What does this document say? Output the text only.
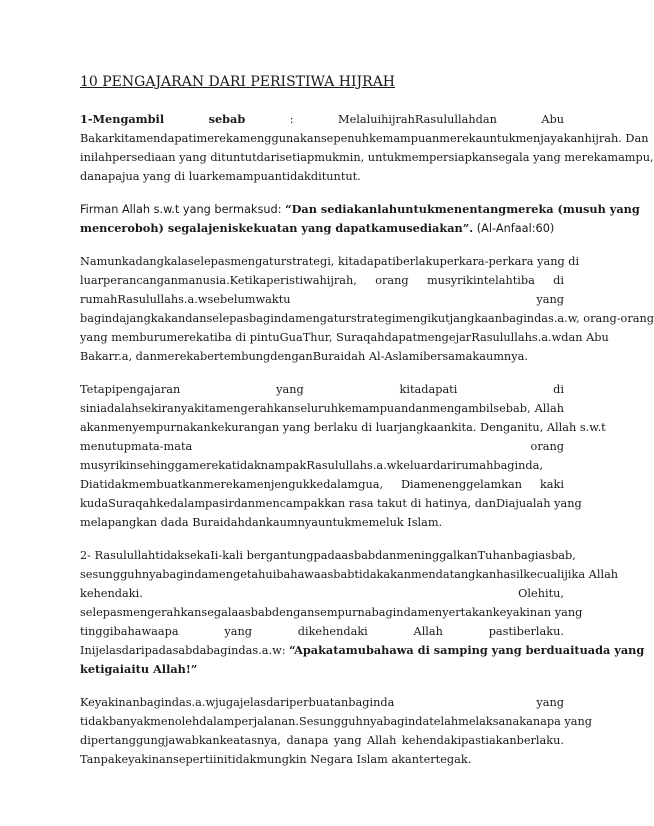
10 PENGAJARAN DARI PERISTIWA HIJRAH
1-Mengambil	sebab	:	MelaluihijrahRasulullahdan	Abu
Bakarkitamendapatimerekamenggunakansepenuhkemampuanmerekauntukmenjayakanhijrah. Dan
inilahpersediaan yang dituntutdarisetiapmukmin, untukmempersiapkansegala yang merekamampu,
danapajua yang di luarkemampuantidakdituntut.
Firman Allah s.w.t yang bermaksud: “Dan sediakanlahuntukmenentangmereka (musuh yang
menceroboh) segalajeniskekuatan yang dapatkamusediakan”. (Al-Anfaal:60)
Namunkadangkalaselepasmengaturstrategi, kitadapatiberlakuperkara-perkara yang di
luarperancanganmanusia.Ketikaperistiwahijrah, orang musyrikintelahtiba di
rumahRasulullahs.a.wsebelumwaktu yang
bagindajangkakandanselepasbagindamengaturstrategimengikutjangkaanbagindas.a.w, orang-orang
yang memburumerekatiba di pintuGuaThur, SuraqahdapatmengejarRasulullahs.a.wdan Abu
Bakarr.a, danmerekabertembungdenganBuraidah Al-Aslamibersamakaumnya.
Tetapipengajaran yang kitadapati di
siniadalahsekiranyakitamengerahkanseluruhkemampuandanmengambilsebab, Allah
akanmenyempurnakankekurangan yang berlaku di luarjangkaankita. Denganitu, Allah s.w.t
menutupmata-mata orang
musyrikinsehinggamerekatidaknampakRasulullahs.a.wkeluardarirumahbaginda,
Diatidakmembuatkanmerekamenjengukkedalamgua, Diamenenggelamkan kaki
kudaSuraqahkedalampasirdanmencampakkan rasa takut di hatinya, danDiajualah yang
melapangkan dada Buraidahdankaumnyauntukmemeluk Islam.
2- RasulullahtidaksekaIi-kali bergantungpadaasbabdanmeninggalkanTuhanbagiasbab,
sesungguhnyabagindamengetahuibahawaasbabtidakakanmendatangkanhasilkecualijika Allah
kehendaki. Olehitu,
selepasmengerahkansegalaasbabdengansempurnabagindamenyertakankeyakinan yang
tinggibahawaapa yang dikehendaki Allah pastiberlaku.
Inijelasdaripadasabdabagindas.a.w: “Apakatamubahawa di samping yang berduaituada yang
ketigaiaitu Allah!”
Keyakinanbagindas.a.wjugajelasdariperbuatanbaginda yang
tidakbanyakmenolehdalamperjalanan.Sesungguhnyabagindatelahmelaksanakanapa yang
dipertanggungjawabkankeatasnya, danapa yang Allah kehendakipastiakanberlaku.
Tanpakeyakinansepertiinitidakmungkin Negara Islam akantertegak.
